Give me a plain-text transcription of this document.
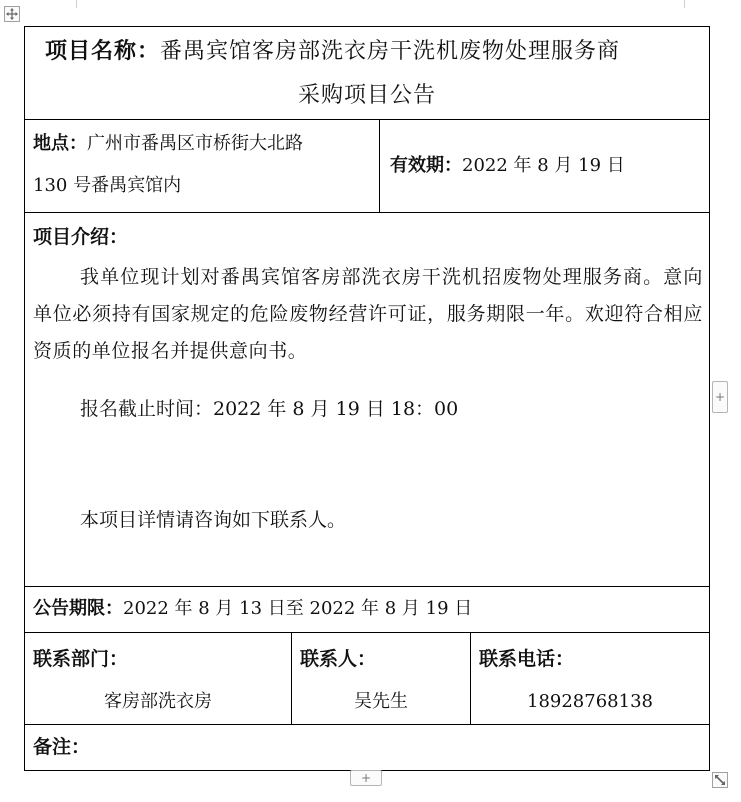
项目名称：番禺宾馆客房部洗衣房干洗机废物处理服务商
采购项目公告
地点：广州市番禺区市桥街大北路
130 号番禺宾馆内
有效期：2022 年 8 月 19 日
项目介绍：
我单位现计划对番禺宾馆客房部洗衣房干洗机招废物处理服务商。意向单位必须持有国家规定的危险废物经营许可证，服务期限一年。欢迎符合相应资质的单位报名并提供意向书。
报名截止时间：2022 年 8 月 19 日 18：00
本项目详情请咨询如下联系人。
公告期限：2022 年 8 月 13 日至 2022 年 8 月 19 日
联系部门：
客房部洗衣房
联系人：
吴先生
联系电话：
18928768138
备注：
+
+
